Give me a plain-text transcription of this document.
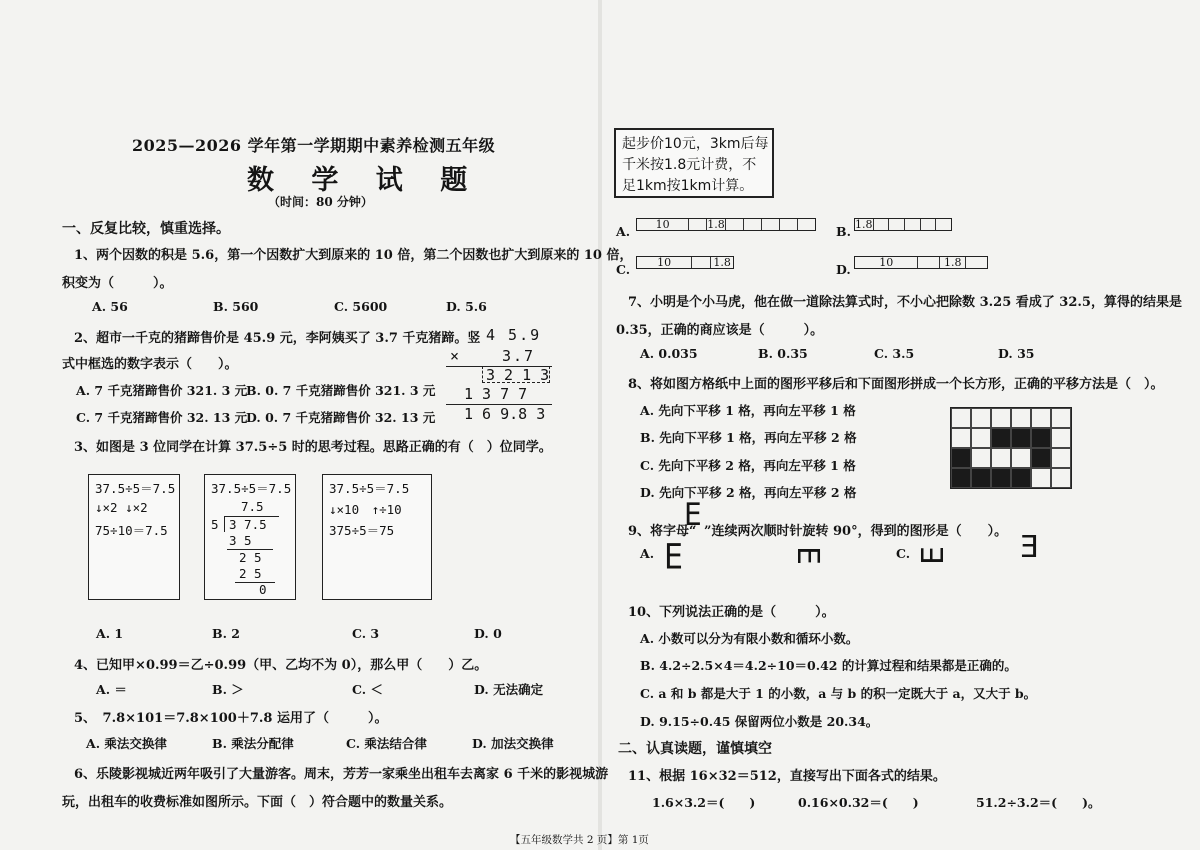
2025—2026 学年第一学期期中素养检测五年级
数 学 试 题
（时间：80 分钟）
一、反复比较，慎重选择。
1、两个因数的积是 5.6，第一个因数扩大到原来的 10 倍，第二个因数也扩大到原来的 10 倍，
积变为（　　　）。
A. 56	B. 560	C. 5600	D. 5.6
2、超市一千克的猪蹄售价是 45.9 元，李阿姨买了 3.7 千克猪蹄。竖
式中框选的数字表示（　　）。
A. 7 千克猪蹄售价 321. 3 元
B. 0. 7 千克猪蹄售价 321. 3 元
C. 7 千克猪蹄售价 32. 13 元
D. 0. 7 千克猪蹄售价 32. 13 元
4 5.9
×	3.7
3 2 1 3
1 3 7 7
1 6 9.8 3
3、如图是 3 位同学在计算 37.5÷5 时的思考过程。思路正确的有（　）位同学。
37.5÷5＝7.5
↓×2 ↓×2
75÷10＝7.5
37.5÷5＝7.5
7.5
5 3 7.5
3 5
2 5
2 5
0
37.5÷5＝7.5
↓×10　↑÷10
375÷5＝75
A. 1	B. 2	C. 3	D. 0
4、已知甲×0.99＝乙÷0.99（甲、乙均不为 0），那么甲（　　）乙。
A. ＝	B. ＞	C. ＜	D. 无法确定
5、　7.8×101＝7.8×100＋7.8 运用了（　　　）。
A. 乘法交换律	B. 乘法分配律	C. 乘法结合律	D. 加法交换律
6、乐陵影视城近两年吸引了大量游客。周末，芳芳一家乘坐出租车去离家 6 千米的影视城游
玩，出租车的收费标准如图所示。下面（　）符合题中的数量关系。
起步价10元，3km后每
千米按1.8元计费，不
足1km按1km计算。
A.	10	1.8	B. 1.8
C.	10	1.8	D.	10	1.8
7、小明是个小马虎，他在做一道除法算式时，不小心把除数 3.25 看成了 32.5，算得的结果是
0.35，正确的商应该是（　　　）。
A. 0.035	B. 0.35	C. 3.5	D. 35
8、将如图方格纸中上面的图形平移后和下面图形拼成一个长方形，正确的平移方法是（　）。
A. 先向下平移 1 格，再向左平移 1 格
B. 先向下平移 1 格，再向左平移 2 格
C. 先向下平移 2 格，再向左平移 1 格
D. 先向下平移 2 格，再向左平移 2 格
9、将字母“
E ”连续两次顺时针旋转 90°，得到的图形是（　　）。
A. E	E	C. E E
10、下列说法正确的是（　　　）。
A. 小数可以分为有限小数和循环小数。
B. 4.2÷2.5×4＝4.2÷10＝0.42 的计算过程和结果都是正确的。
C. a 和 b 都是大于 1 的小数，a 与 b 的积一定既大于 a，又大于 b。
D. 9.15÷0.45 保留两位小数是 20.34。
二、认真读题，谨慎填空
11、根据 16×32＝512，直接写出下面各式的结果。
1.6×3.2＝(　　)	0.16×0.32＝(　　)	51.2÷3.2＝(　　)。
【五年级数学共 2 页】第 1页
